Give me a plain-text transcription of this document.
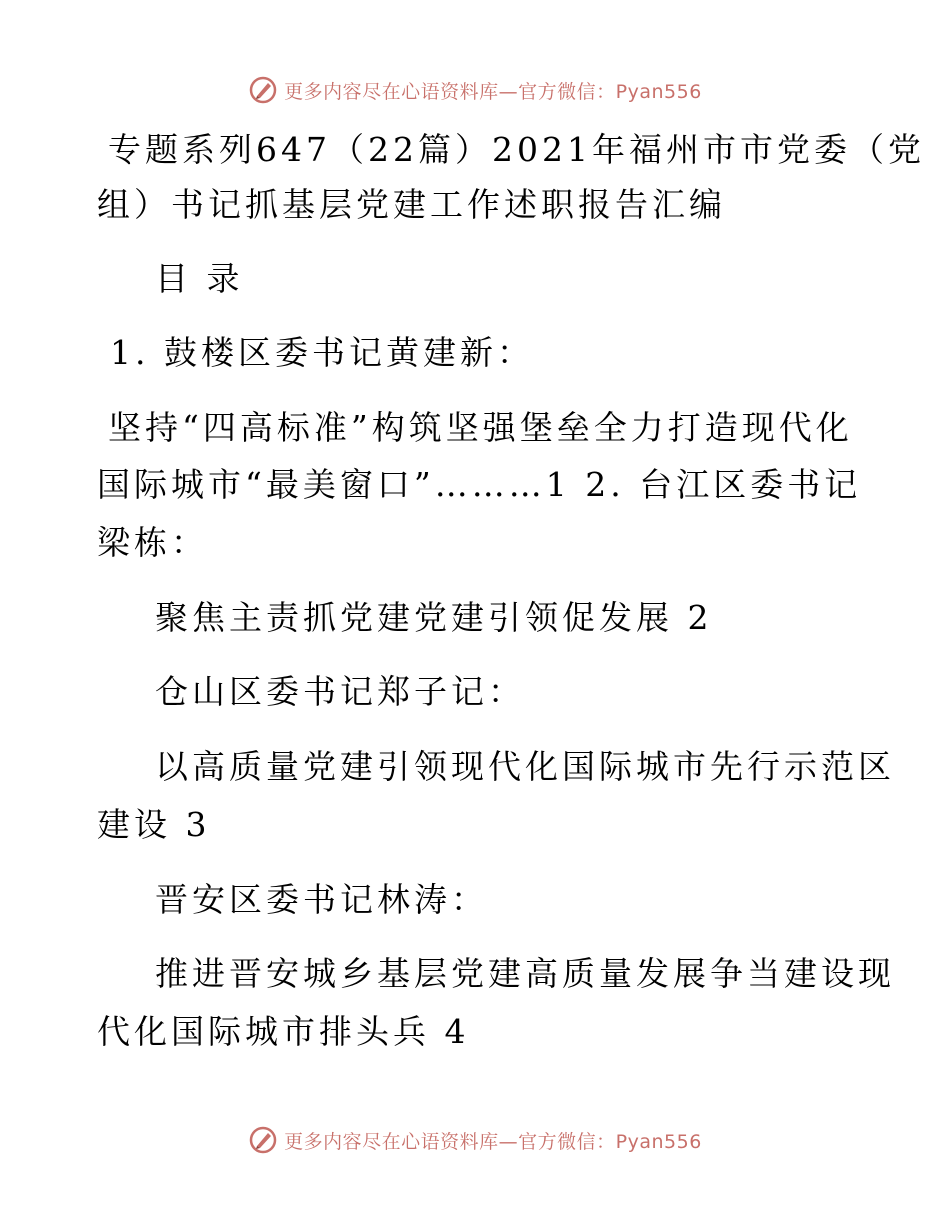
更多内容尽在心语资料库—官方微信：Pyan556
专题系列647（22篇）2021年福州市市党委（党
组）书记抓基层党建工作述职报告汇编
目 录
1. 鼓楼区委书记黄建新：
坚持“四高标准”构筑坚强堡垒全力打造现代化
国际城市“最美窗口”………1 2. 台江区委书记
梁栋：
聚焦主责抓党建党建引领促发展 2
仓山区委书记郑子记：
以高质量党建引领现代化国际城市先行示范区
建设 3
晋安区委书记林涛：
推进晋安城乡基层党建高质量发展争当建设现
代化国际城市排头兵 4
更多内容尽在心语资料库—官方微信：Pyan556
